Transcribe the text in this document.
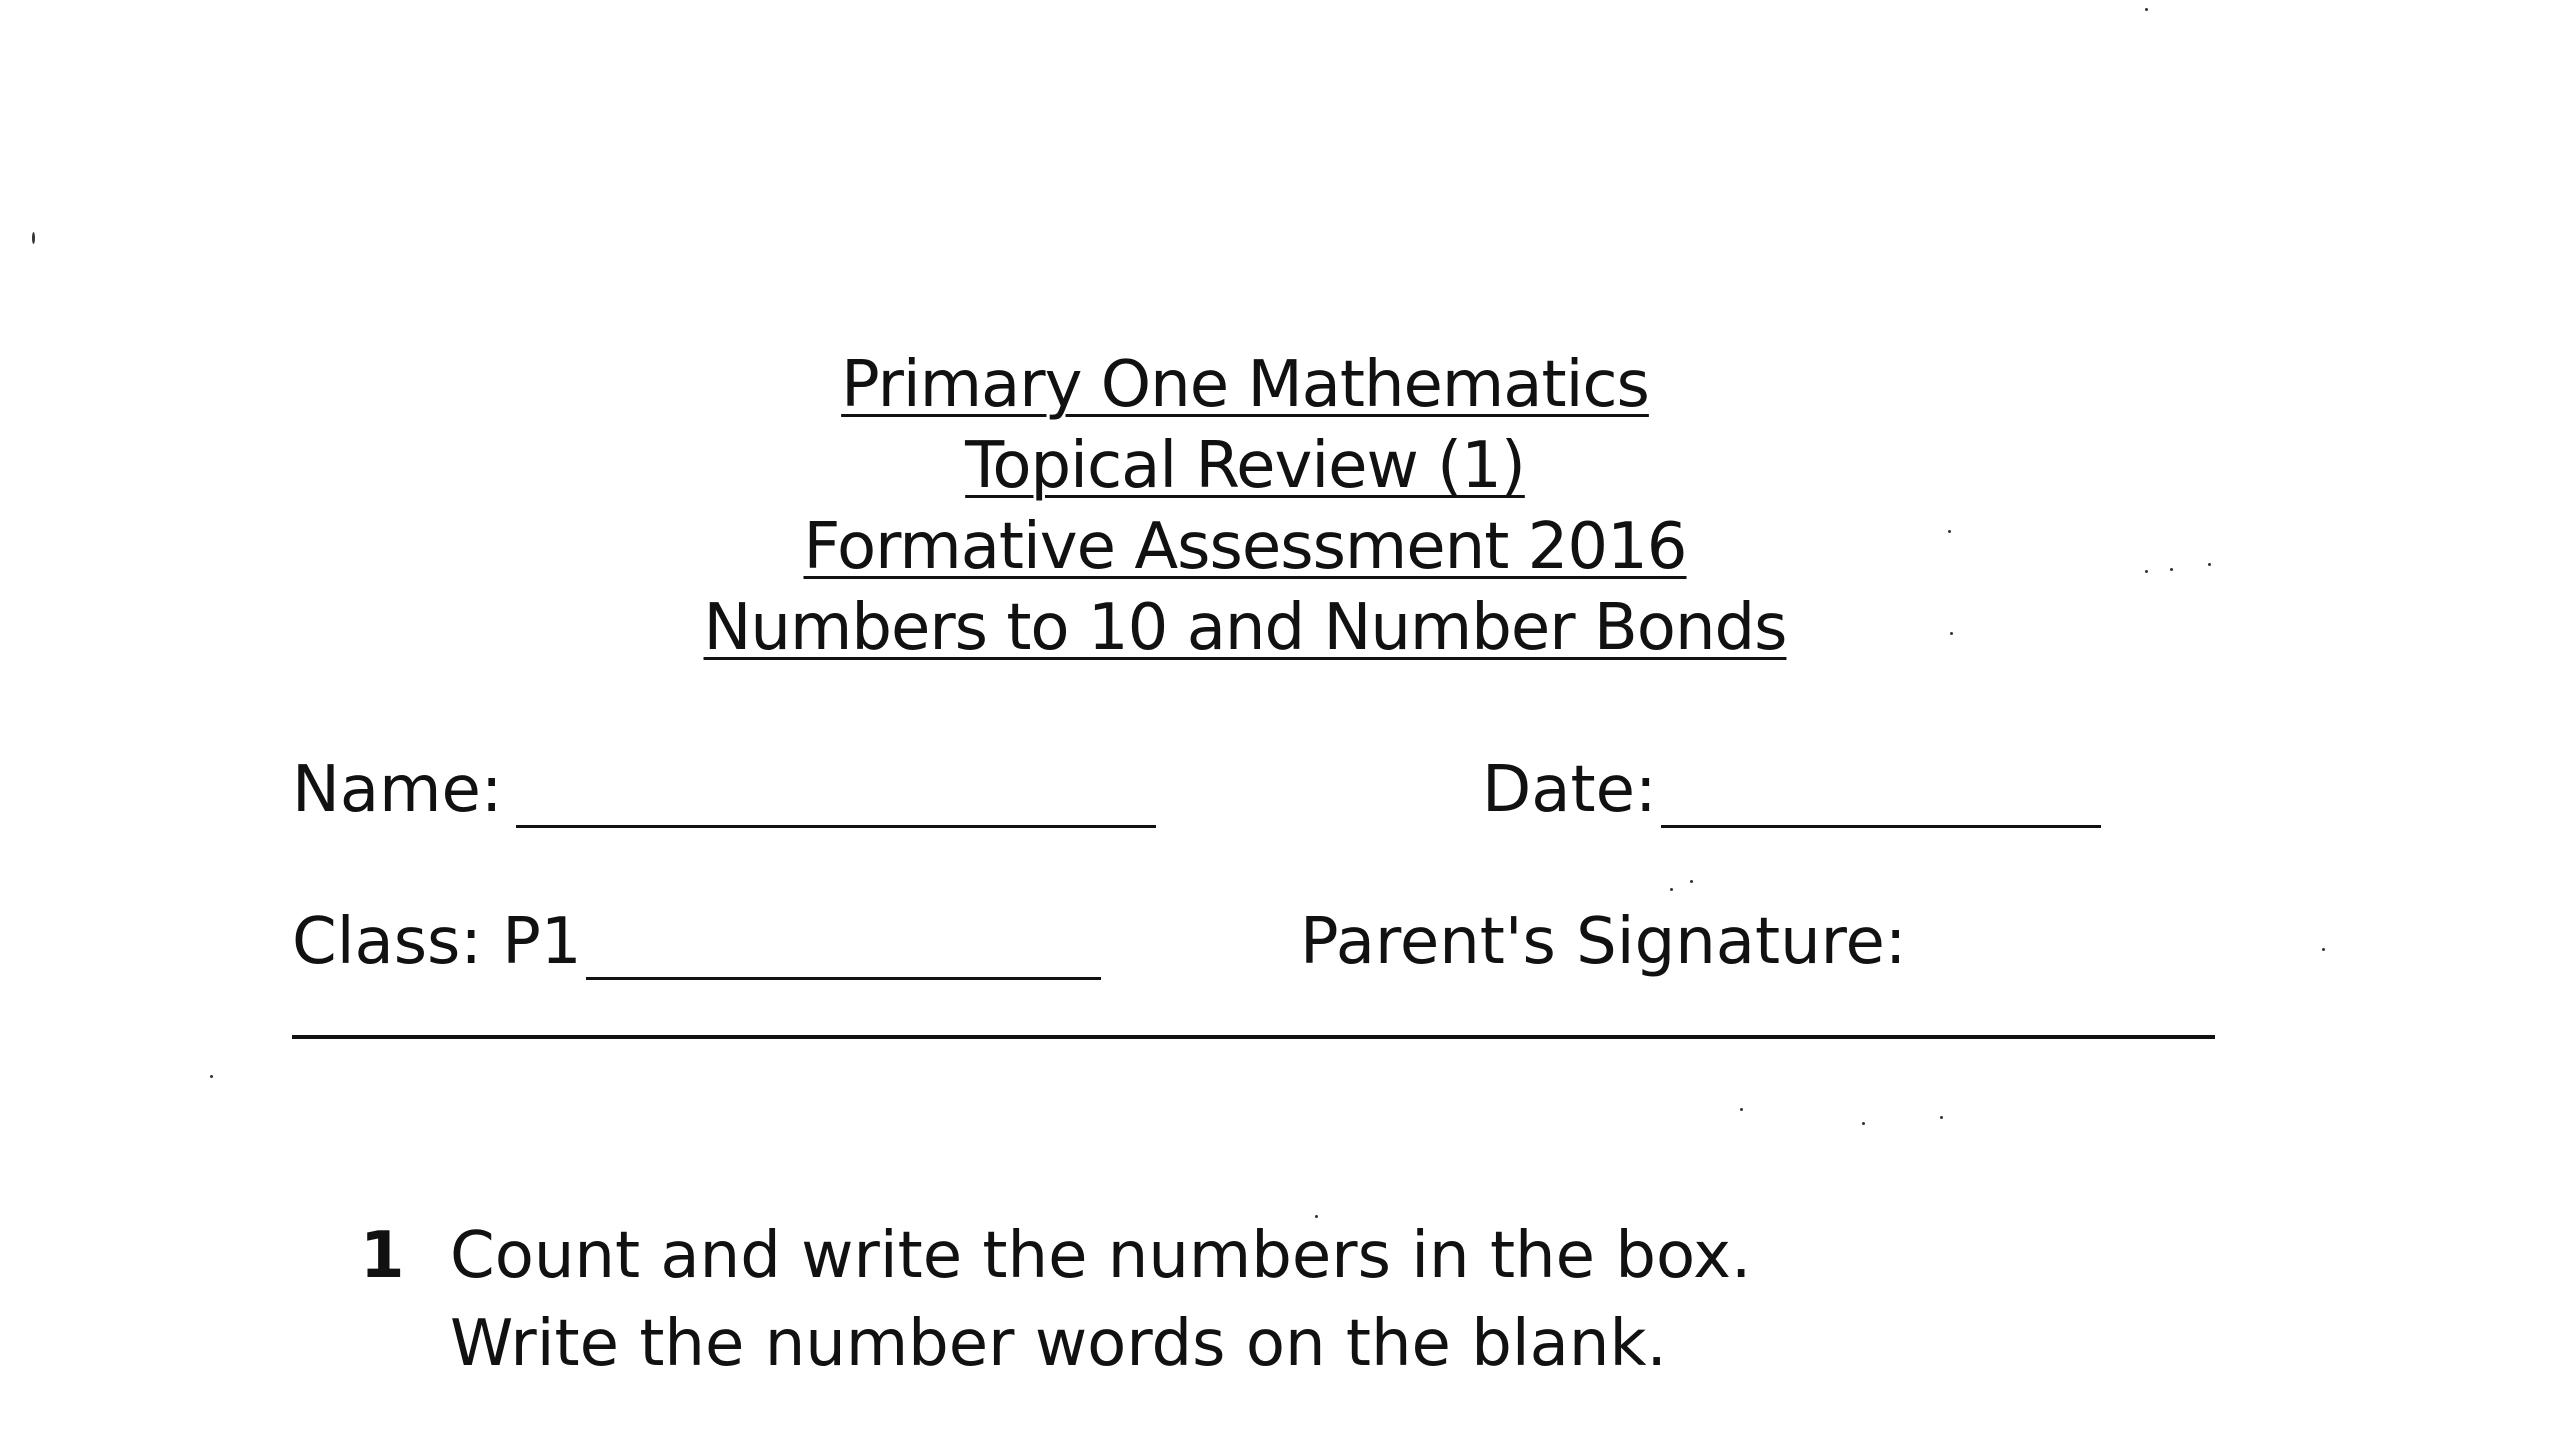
Primary One Mathematics
Topical Review (1)
Formative Assessment 2016
Numbers to 10 and Number Bonds
Name:	Date:
Class: P1	Parent's Signature:
1 Count and write the numbers in the box.
Write the number words on the blank.
